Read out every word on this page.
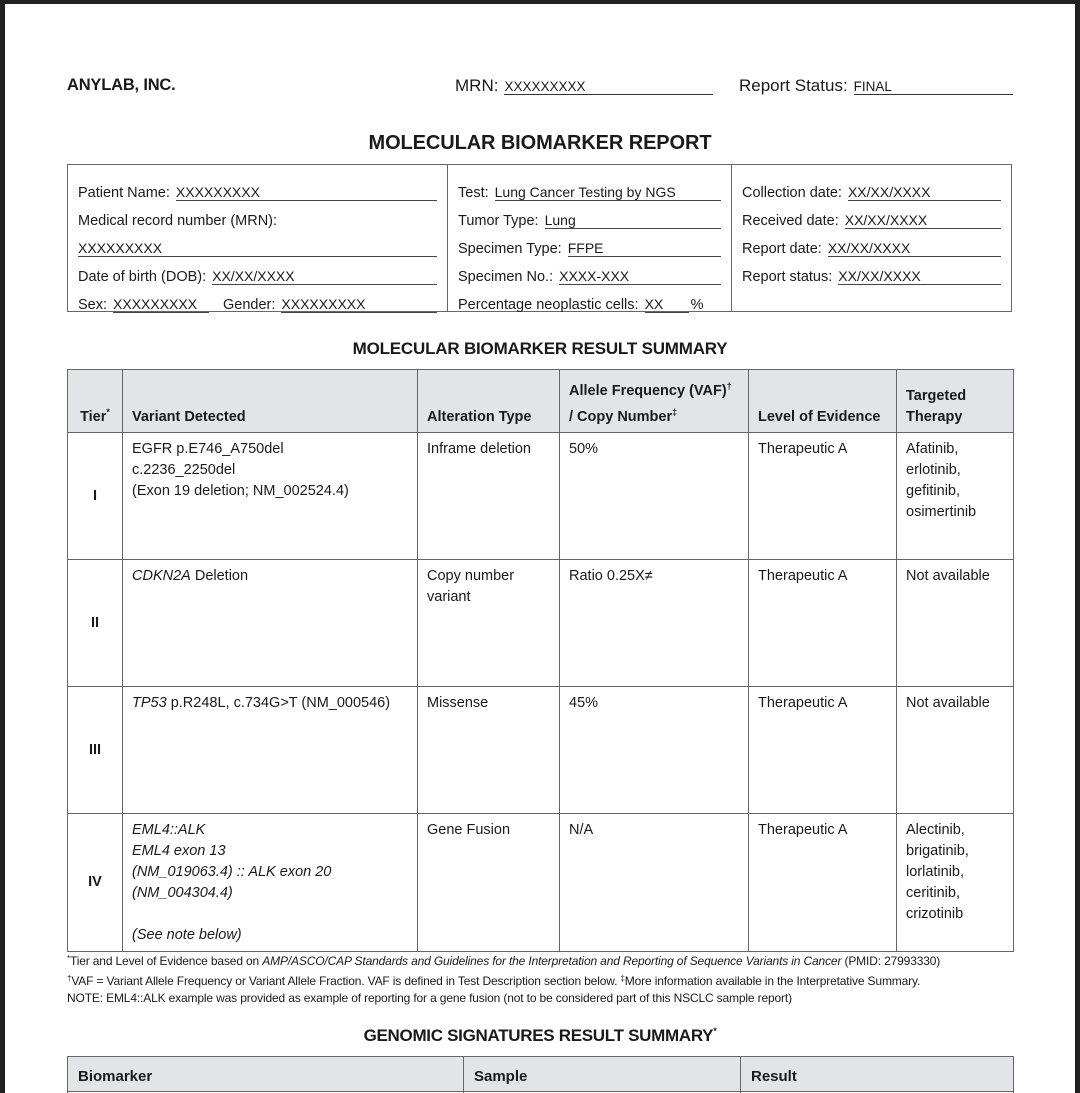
ANYLAB, INC.	MRN: XXXXXXXXX	Report Status: FINAL
MOLECULAR BIOMARKER REPORT
Patient Name: XXXXXXXXX
Medical record number (MRN):
XXXXXXXXX
Date of birth (DOB): XX/XX/XXXX
Sex: XXXXXXXXX	Gender: XXXXXXXXX
Test: Lung Cancer Testing by NGS
Tumor Type: Lung
Specimen Type: FFPE
Specimen No.: XXXX-XXX
Percentage neoplastic cells: XX	%
Collection date: XX/XX/XXXX
Received date: XX/XX/XXXX
Report date: XX/XX/XXXX
Report status: XX/XX/XXXX
MOLECULAR BIOMARKER RESULT SUMMARY
Tier*	Variant Detected	Alteration Type	Allele Frequency (VAF)†
/ Copy Number‡	Level of Evidence	Targeted
Therapy

I	EGFR p.E746_A750del
c.2236_2250del
(Exon 19 deletion; NM_002524.4)	Inframe deletion	50%	Therapeutic A	Afatinib,
erlotinib,
gefitinib,
osimertinib

II	CDKN2A Deletion	Copy number
variant	Ratio 0.25X≠	Therapeutic A	Not available
III	TP53 p.R248L, c.734G>T (NM_000546)	Missense	45%	Therapeutic A	Not available
IV	EML4::ALK
EML4 exon 13
(NM_019063.4) :: ALK exon 20
(NM_004304.4)

(See note below)	Gene Fusion	N/A	Therapeutic A	Alectinib,
brigatinib,
lorlatinib,
ceritinib,
crizotinib
*Tier and Level of Evidence based on AMP/ASCO/CAP Standards and Guidelines for the Interpretation and Reporting of Sequence Variants in Cancer (PMID: 27993330)
†VAF = Variant Allele Frequency or Variant Allele Fraction. VAF is defined in Test Description section below. ‡More information available in the Interpretative Summary.
NOTE: EML4::ALK example was provided as example of reporting for a gene fusion (not to be considered part of this NSCLC sample report)
GENOMIC SIGNATURES RESULT SUMMARY*
Biomarker	Sample	Result
